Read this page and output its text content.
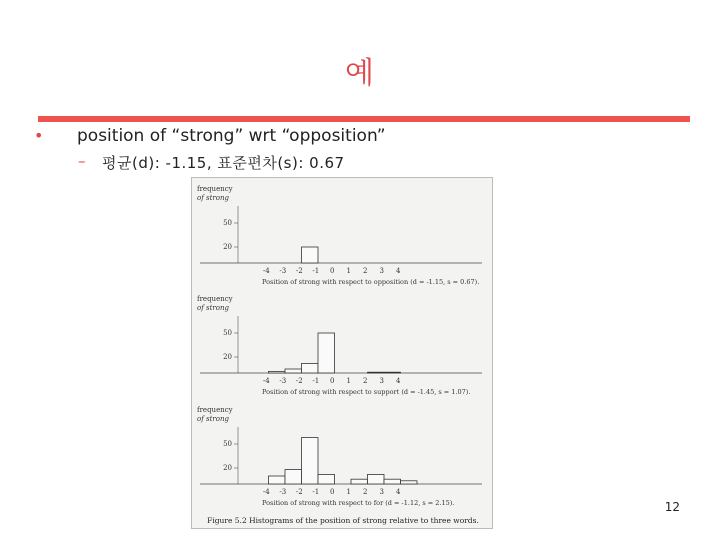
예
• position of “strong” wrt “opposition”
– 평균(d): -1.15, 표준편차(s): 0.67
frequency
of strong
20
50
-4 -3 -2 -1 0 1 2 3 4
Position of strong with respect to opposition (d = -1.15, s = 0.67).
frequency
of strong
20
50
-4 -3 -2 -1 0 1 2 3 4
Position of strong with respect to support (d = -1.45, s = 1.07).
frequency
of strong
20
50
-4 -3 -2 -1 0 1 2 3 4
Position of strong with respect to for (d = -1.12, s = 2.15).
Figure 5.2 Histograms of the position of strong relative to three words.
12
